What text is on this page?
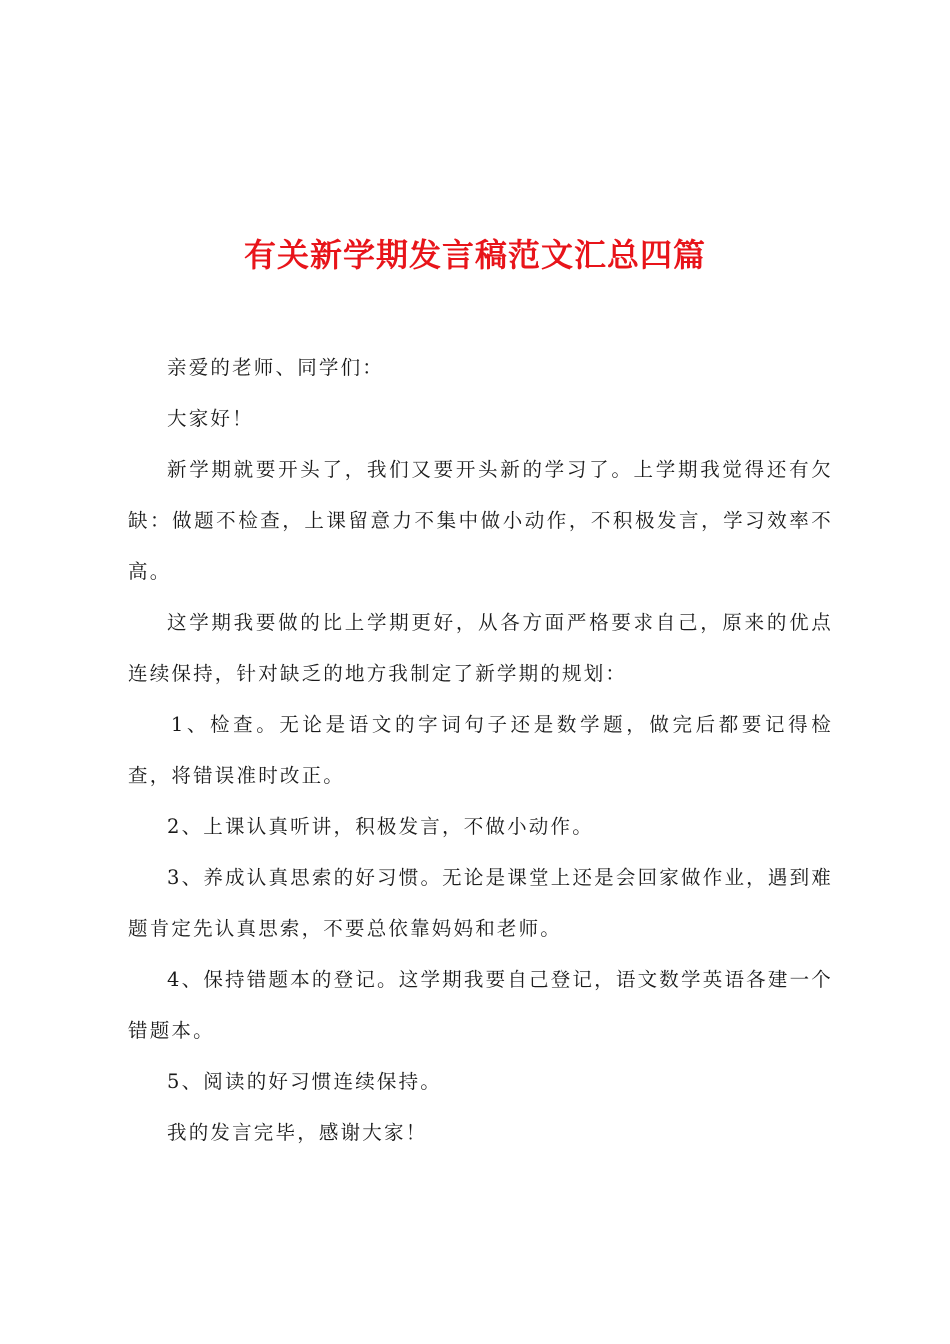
有关新学期发言稿范文汇总四篇

亲爱的老师、同学们：

大家好！

新学期就要开头了，我们又要开头新的学习了。上学期我觉得还有欠缺：做题不检查，上课留意力不集中做小动作，不积极发言，学习效率不高。

这学期我要做的比上学期更好，从各方面严格要求自己，原来的优点连续保持，针对缺乏的地方我制定了新学期的规划：

1、检查。无论是语文的字词句子还是数学题，做完后都要记得检查，将错误准时改正。

2、上课认真听讲，积极发言，不做小动作。

3、养成认真思索的好习惯。无论是课堂上还是会回家做作业，遇到难题肯定先认真思索，不要总依靠妈妈和老师。

4、保持错题本的登记。这学期我要自己登记，语文数学英语各建一个错题本。

5、阅读的好习惯连续保持。

我的发言完毕，感谢大家！
